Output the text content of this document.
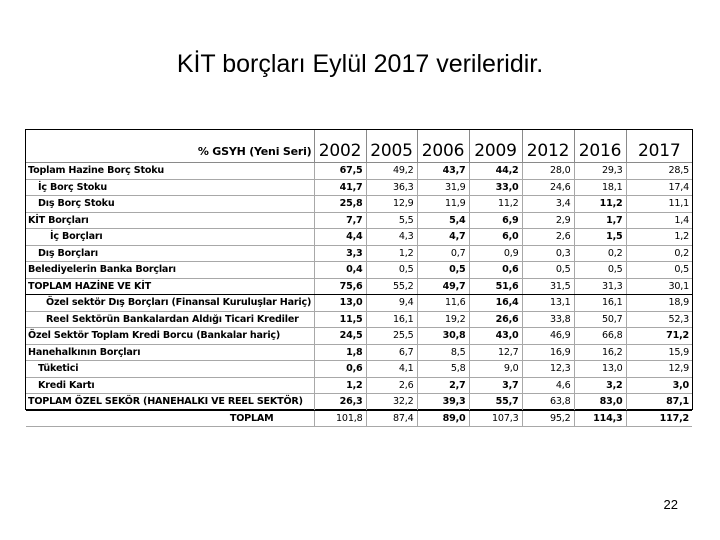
KİT borçları Eylül 2017 verileridir.
% GSYH (Yeni Seri)	2002	2005	2006	2009	2012	2016	2017
Toplam Hazine Borç Stoku	67,5	49,2	43,7	44,2	28,0	29,3	28,5
İç Borç Stoku	41,7	36,3	31,9	33,0	24,6	18,1	17,4
Dış Borç Stoku	25,8	12,9	11,9	11,2	3,4	11,2	11,1
KİT Borçları	7,7	5,5	5,4	6,9	2,9	1,7	1,4
İç Borçları	4,4	4,3	4,7	6,0	2,6	1,5	1,2
Dış Borçları	3,3	1,2	0,7	0,9	0,3	0,2	0,2
Belediyelerin Banka Borçları	0,4	0,5	0,5	0,6	0,5	0,5	0,5
TOPLAM HAZİNE VE KİT	75,6	55,2	49,7	51,6	31,5	31,3	30,1
Özel sektör Dış Borçları (Finansal Kuruluşlar Hariç)	13,0	9,4	11,6	16,4	13,1	16,1	18,9
Reel Sektörün Bankalardan Aldığı Ticari Krediler	11,5	16,1	19,2	26,6	33,8	50,7	52,3
Özel Sektör Toplam Kredi Borcu (Bankalar hariç)	24,5	25,5	30,8	43,0	46,9	66,8	71,2
Hanehalkının Borçları	1,8	6,7	8,5	12,7	16,9	16,2	15,9
Tüketici	0,6	4,1	5,8	9,0	12,3	13,0	12,9
Kredi Kartı	1,2	2,6	2,7	3,7	4,6	3,2	3,0
TOPLAM ÖZEL SEKÖR (HANEHALKI VE REEL SEKTÖR)	26,3	32,2	39,3	55,7	63,8	83,0	87,1
TOPLAM	101,8	87,4	89,0	107,3	95,2	114,3	117,2
22
